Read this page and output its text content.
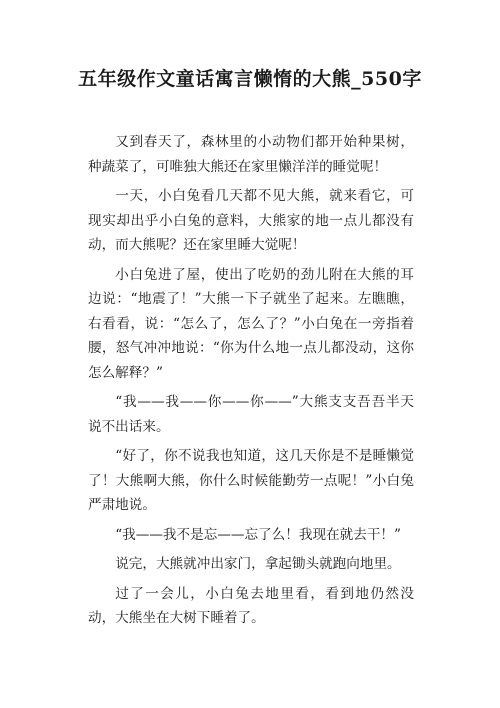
五年级作文童话寓言懒惰的大熊_550字

又到春天了，森林里的小动物们都开始种果树，种蔬菜了，可唯独大熊还在家里懒洋洋的睡觉呢！

一天，小白兔看几天都不见大熊，就来看它，可现实却出乎小白兔的意料，大熊家的地一点儿都没有动，而大熊呢？还在家里睡大觉呢！

小白兔进了屋，使出了吃奶的劲儿附在大熊的耳边说：“地震了！”大熊一下子就坐了起来。左瞧瞧，右看看，说：“怎么了，怎么了？”小白兔在一旁指着腰，怒气冲冲地说：“你为什么地一点儿都没动，这你怎么解释？”

“我——我——你——你——”大熊支支吾吾半天说不出话来。

“好了，你不说我也知道，这几天你是不是睡懒觉了！大熊啊大熊，你什么时候能勤劳一点呢！”小白兔严肃地说。

“我——我不是忘——忘了么！我现在就去干！”

说完，大熊就冲出家门，拿起锄头就跑向地里。

过了一会儿，小白兔去地里看，看到地仍然没动，大熊坐在大树下睡着了。
